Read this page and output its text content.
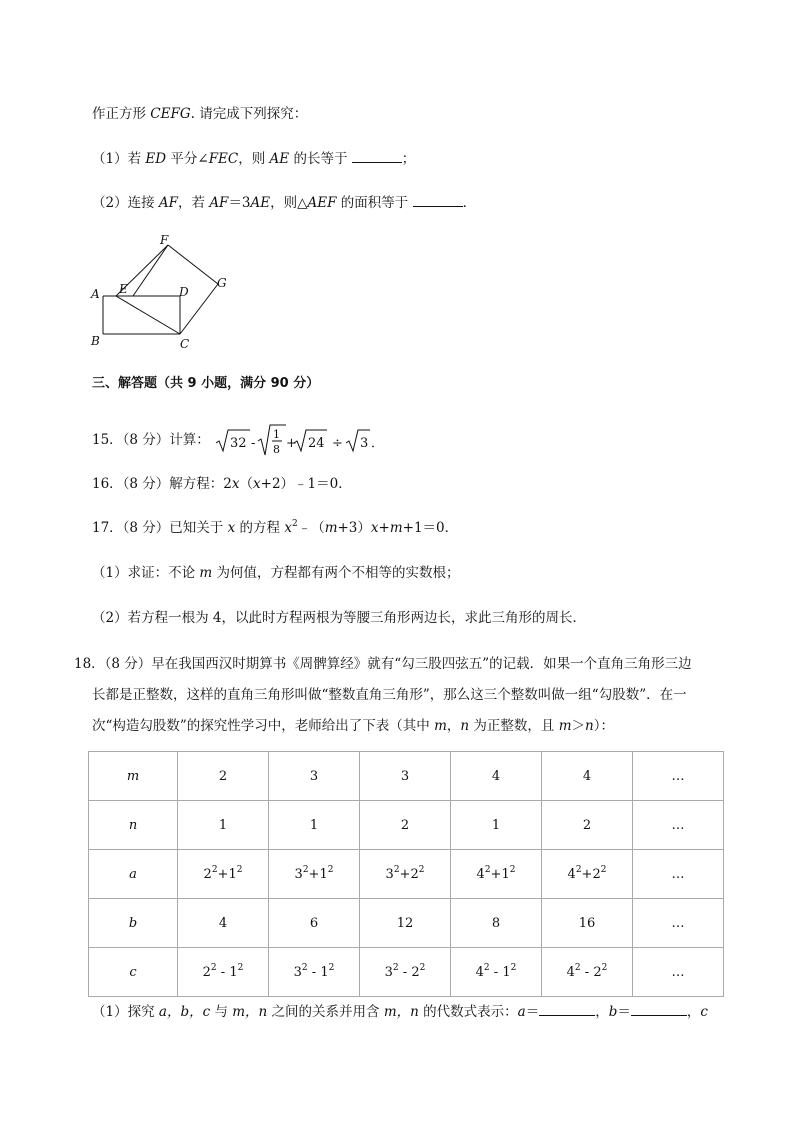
作正方形 CEFG. 请完成下列探究：
（1）若 ED 平分∠FEC，则 AE 的长等于	；
（2）连接 AF，若 AF＝3AE，则△AEF 的面积等于	．
A E	D
F
G
B	C
三、解答题（共 9 小题，满分 90 分）
15．（8 分）计算： 32 -
1
8 + 24 ÷ 3 ．
16．（8 分）解方程：2x（x+2）﹣1＝0．
17．（8 分）已知关于 x 的方程 $x^2﹣(m+3)x+m+1=0$．
（1）求证：不论 m 为何值，方程都有两个不相等的实数根；
（2）若方程一根为 4，以此时方程两根为等腰三角形两边长，求此三角形的周长．
18．（8 分）早在我国西汉时期算书《周髀算经》就有“勾三股四弦五”的记载．如果一个直角三角形三边
长都是正整数，这样的直角三角形叫做“整数直角三角形”，那么这三个整数叫做一组“勾股数”．在一
次“构造勾股数”的探究性学习中，老师给出了下表（其中 m，n 为正整数，且 m＞n）：
m	2	3	3	4	4	…
n	1	1	2	1	2	…
a	$2^2+1^2$	$3^2+1^2$	$3^2+2^2$	$4^2+1^2$	$4^2+2^2$	…
b	4	6	12	8	16	…
c	$2^2 - 1^2$	$3^2 - 1^2$	$3^2 - 2^2$	$4^2 - 1^2$	$4^2 - 2^2$	…
（1）探究 a，b，c 与 m，n 之间的关系并用含 m，n 的代数式表示：a＝	，b＝	，c
